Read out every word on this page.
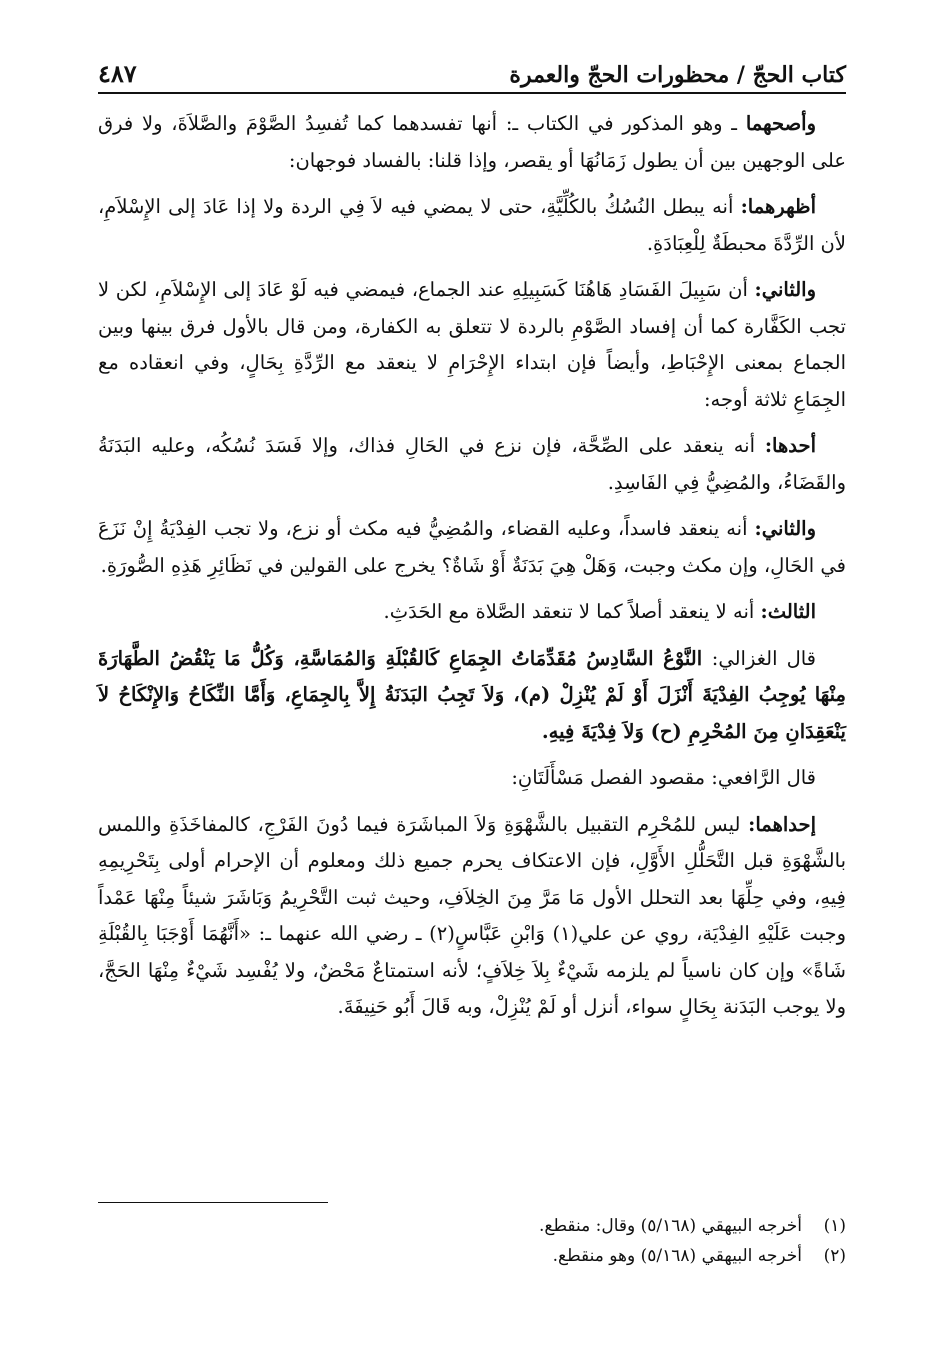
كتاب الحجّ / محظورات الحجّ والعمرة
٤٨٧

وأصحهما ـ وهو المذكور في الكتاب ـ: أنها تفسدهما كما تُفسِدُ الصَّوْمَ والصَّلاَةَ، ولا فرق على الوجهين بين أن يطول زَمَانُهَا أو يقصر، وإذا قلنا: بالفساد فوجهان:

أظهرهما: أنه يبطل النُسُكُ بالكُلِّيَّةِ، حتى لا يمضي فيه لاَ فِي الردة ولا إذا عَادَ إلى الإِسْلاَمِ، لأن الرِّدَّةَ محبطَةٌ لِلْعِبَادَةِ.

والثاني: أن سَبِيلَ الفَسَادِ هَاهُنَا كَسَبِيلِهِ عند الجماع، فيمضي فيه لَوْ عَادَ إلى الإِسْلاَمِ، لكن لا تجب الكَفَّارة كما أن إفساد الصَّوْمِ بالردة لا تتعلق به الكفارة، ومن قال بالأول فرق بينها وبين الجماع بمعنى الإِحْبَاطِ، وأيضاً فإن ابتداء الإِحْرَامِ لا ينعقد مع الرِّدَّةِ بِحَالٍ، وفي انعقاده مع الجِمَاعِ ثلاثة أوجه:

أحدها: أنه ينعقد على الصِّحَّة، فإن نزع في الحَالِ فذاك، وإلا فَسَدَ نُسُكُه، وعليه البَدَنَةُ والقَضَاءُ، والمُضِيُّ فِي الفَاسِدِ.

والثاني: أنه ينعقد فاسداً، وعليه القضاء، والمُضِيُّ فيه مكث أو نزع، ولا تجب الفِدْيَةُ إِنْ نَزَعَ في الحَالِ، وإن مكث وجبت، وَهَلْ هِيَ بَدَنَةٌ أَوْ شَاةٌ؟ يخرج على القولين في نَظَائِرِ هَذِهِ الصُّورَةِ.

الثالث: أنه لا ينعقد أصلاً كما لا تنعقد الصَّلاة مع الحَدَثِ.

قال الغزالي: النَّوْعُ السَّادِسُ مُقَدِّمَاتُ الجِمَاعِ كَالقُبْلَةِ وَالمُمَاسَّةِ، وَكُلُّ مَا يَنْقُضُ الطَّهَارَةَ مِنْهَا يُوجِبُ الفِدْيَةَ أَنْزَلَ أَوْ لَمْ يُنْزِلْ (م)، وَلاَ تَجِبُ البَدَنَةُ إِلاَّ بِالجِمَاعِ، وَأَمَّا النِّكَاحُ وَالإِنْكَاحُ لاَ يَنْعَقِدَانِ مِنَ المُحْرِمِ (ح) وَلاَ فِدْيَةَ فِيهِ.

قال الرَّافعي: مقصود الفصل مَسْأَلَتَانِ:

إحداهما: ليس للمُحْرِم التقبيل بالشَّهْوَةِ وَلاَ المباشَرَة فيما دُونَ الفَرْجِ، كالمفاخَذَةِ واللمس بالشَّهْوَةِ قبل التَّحَلُّلِ الأَوَّلِ، فإن الاعتكاف يحرم جميع ذلك ومعلوم أن الإحرام أولى بِتَحْرِيمِهِ فِيهِ، وفي حِلِّهَا بعد التحلل الأول مَا مَرَّ مِنَ الخِلاَفِ، وحيث ثبت التَّحْرِيمُ وَبَاشَرَ شيئاً مِنْهَا عَمْداً وجبت عَلَيْهِ الفِدْيَة، روي عن علي(١) وَابْنِ عَبَّاسٍ(٢) ـ رضي الله عنهما ـ: «أَنَّهُمَا أَوْجَبَا بِالقُبْلَةِ شَاةً» وإن كان ناسياً لم يلزمه شَيْءٌ بِلاَ خِلاَفٍ؛ لأنه استمتاعٌ مَحْضٌ، ولا يُفْسِد شَيْءٌ مِنْهَا الحَجَّ، ولا يوجب البَدَنة بِحَالٍ سواء، أنزل أو لَمْ يُنْزِلْ، وبه قَالَ أَبُو حَنِيفَةَ.

(١)
أخرجه البيهقي (٥/١٦٨) وقال: منقطع.
(٢)
أخرجه البيهقي (٥/١٦٨) وهو منقطع.
